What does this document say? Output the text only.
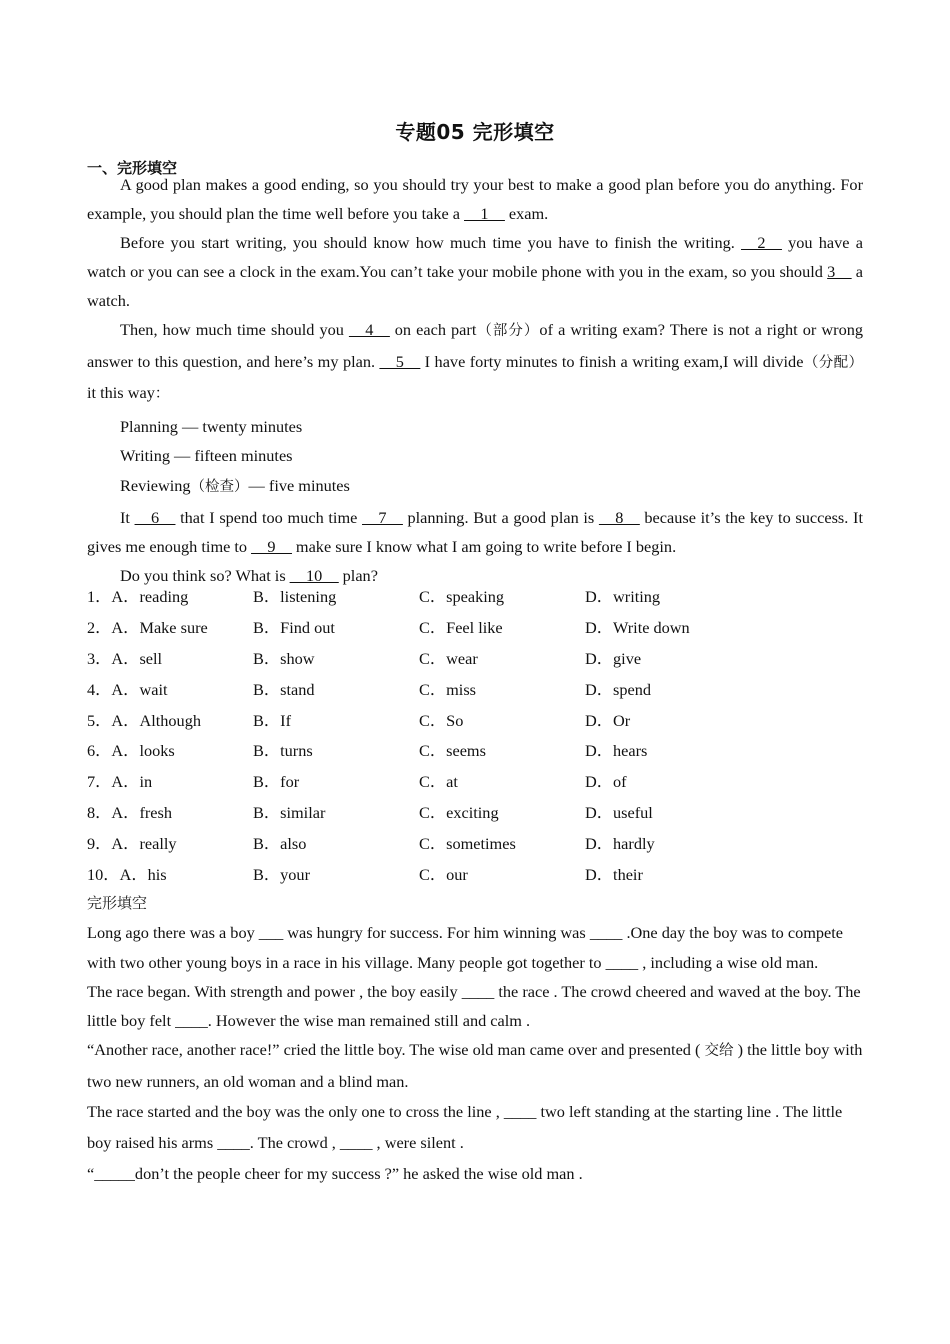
专题05 完形填空
一、完形填空

A good plan makes a good ending, so you should try your best to make a good plan before you do anything. For example, you should plan the time well before you take a __1__ exam.

Before you start writing, you should know how much time you have to finish the writing. __2__ you have a watch or you can see a clock in the exam.You can’t take your mobile phone with you in the exam, so you should 3__ a watch.

Then, how much time should you __4__ on each part（部分）of a writing exam? There is not a right or wrong answer to this question, and here’s my plan. __5__ I have forty minutes to finish a writing exam,I will divide（分配）it this way：

Planning — twenty minutes

Writing — fifteen minutes

Reviewing（检查）— five minutes

It __6__ that I spend too much time __7__ planning. But a good plan is __8__ because it’s the key to success. It gives me enough time to __9__ make sure I know what I am going to write before I begin.

Do you think so? What is __10__ plan?

1．A．reading	B．listening	C．speaking	D．writing
2．A．Make sure	B．Find out	C．Feel like	D．Write down
3．A．sell	B．show	C．wear	D．give
4．A．wait	B．stand	C．miss	D．spend
5．A．Although	B．If	C．So	D．Or
6．A．looks	B．turns	C．seems	D．hears
7．A．in	B．for	C．at	D．of
8．A．fresh	B．similar	C．exciting	D．useful
9．A．really	B．also	C．sometimes	D．hardly
10．A．his	B．your	C．our	D．their

完形填空

Long ago there was a boy ___ was hungry for success. For him winning was ____ .One day the boy was to compete with two other young boys in a race in his village. Many people got together to ____ , including a wise old man.

The race began. With strength and power , the boy easily ____ the race . The crowd cheered and waved at the boy. The little boy felt ____. However the wise man remained still and calm .

“Another race, another race!” cried the little boy. The wise old man came over and presented ( 交给 ) the little boy with two new runners, an old woman and a blind man.

The race started and the boy was the only one to cross the line , ____ two left standing at the starting line . The little boy raised his arms ____. The crowd , ____ , were silent .

“_____don’t the people cheer for my success ?” he asked the wise old man .
